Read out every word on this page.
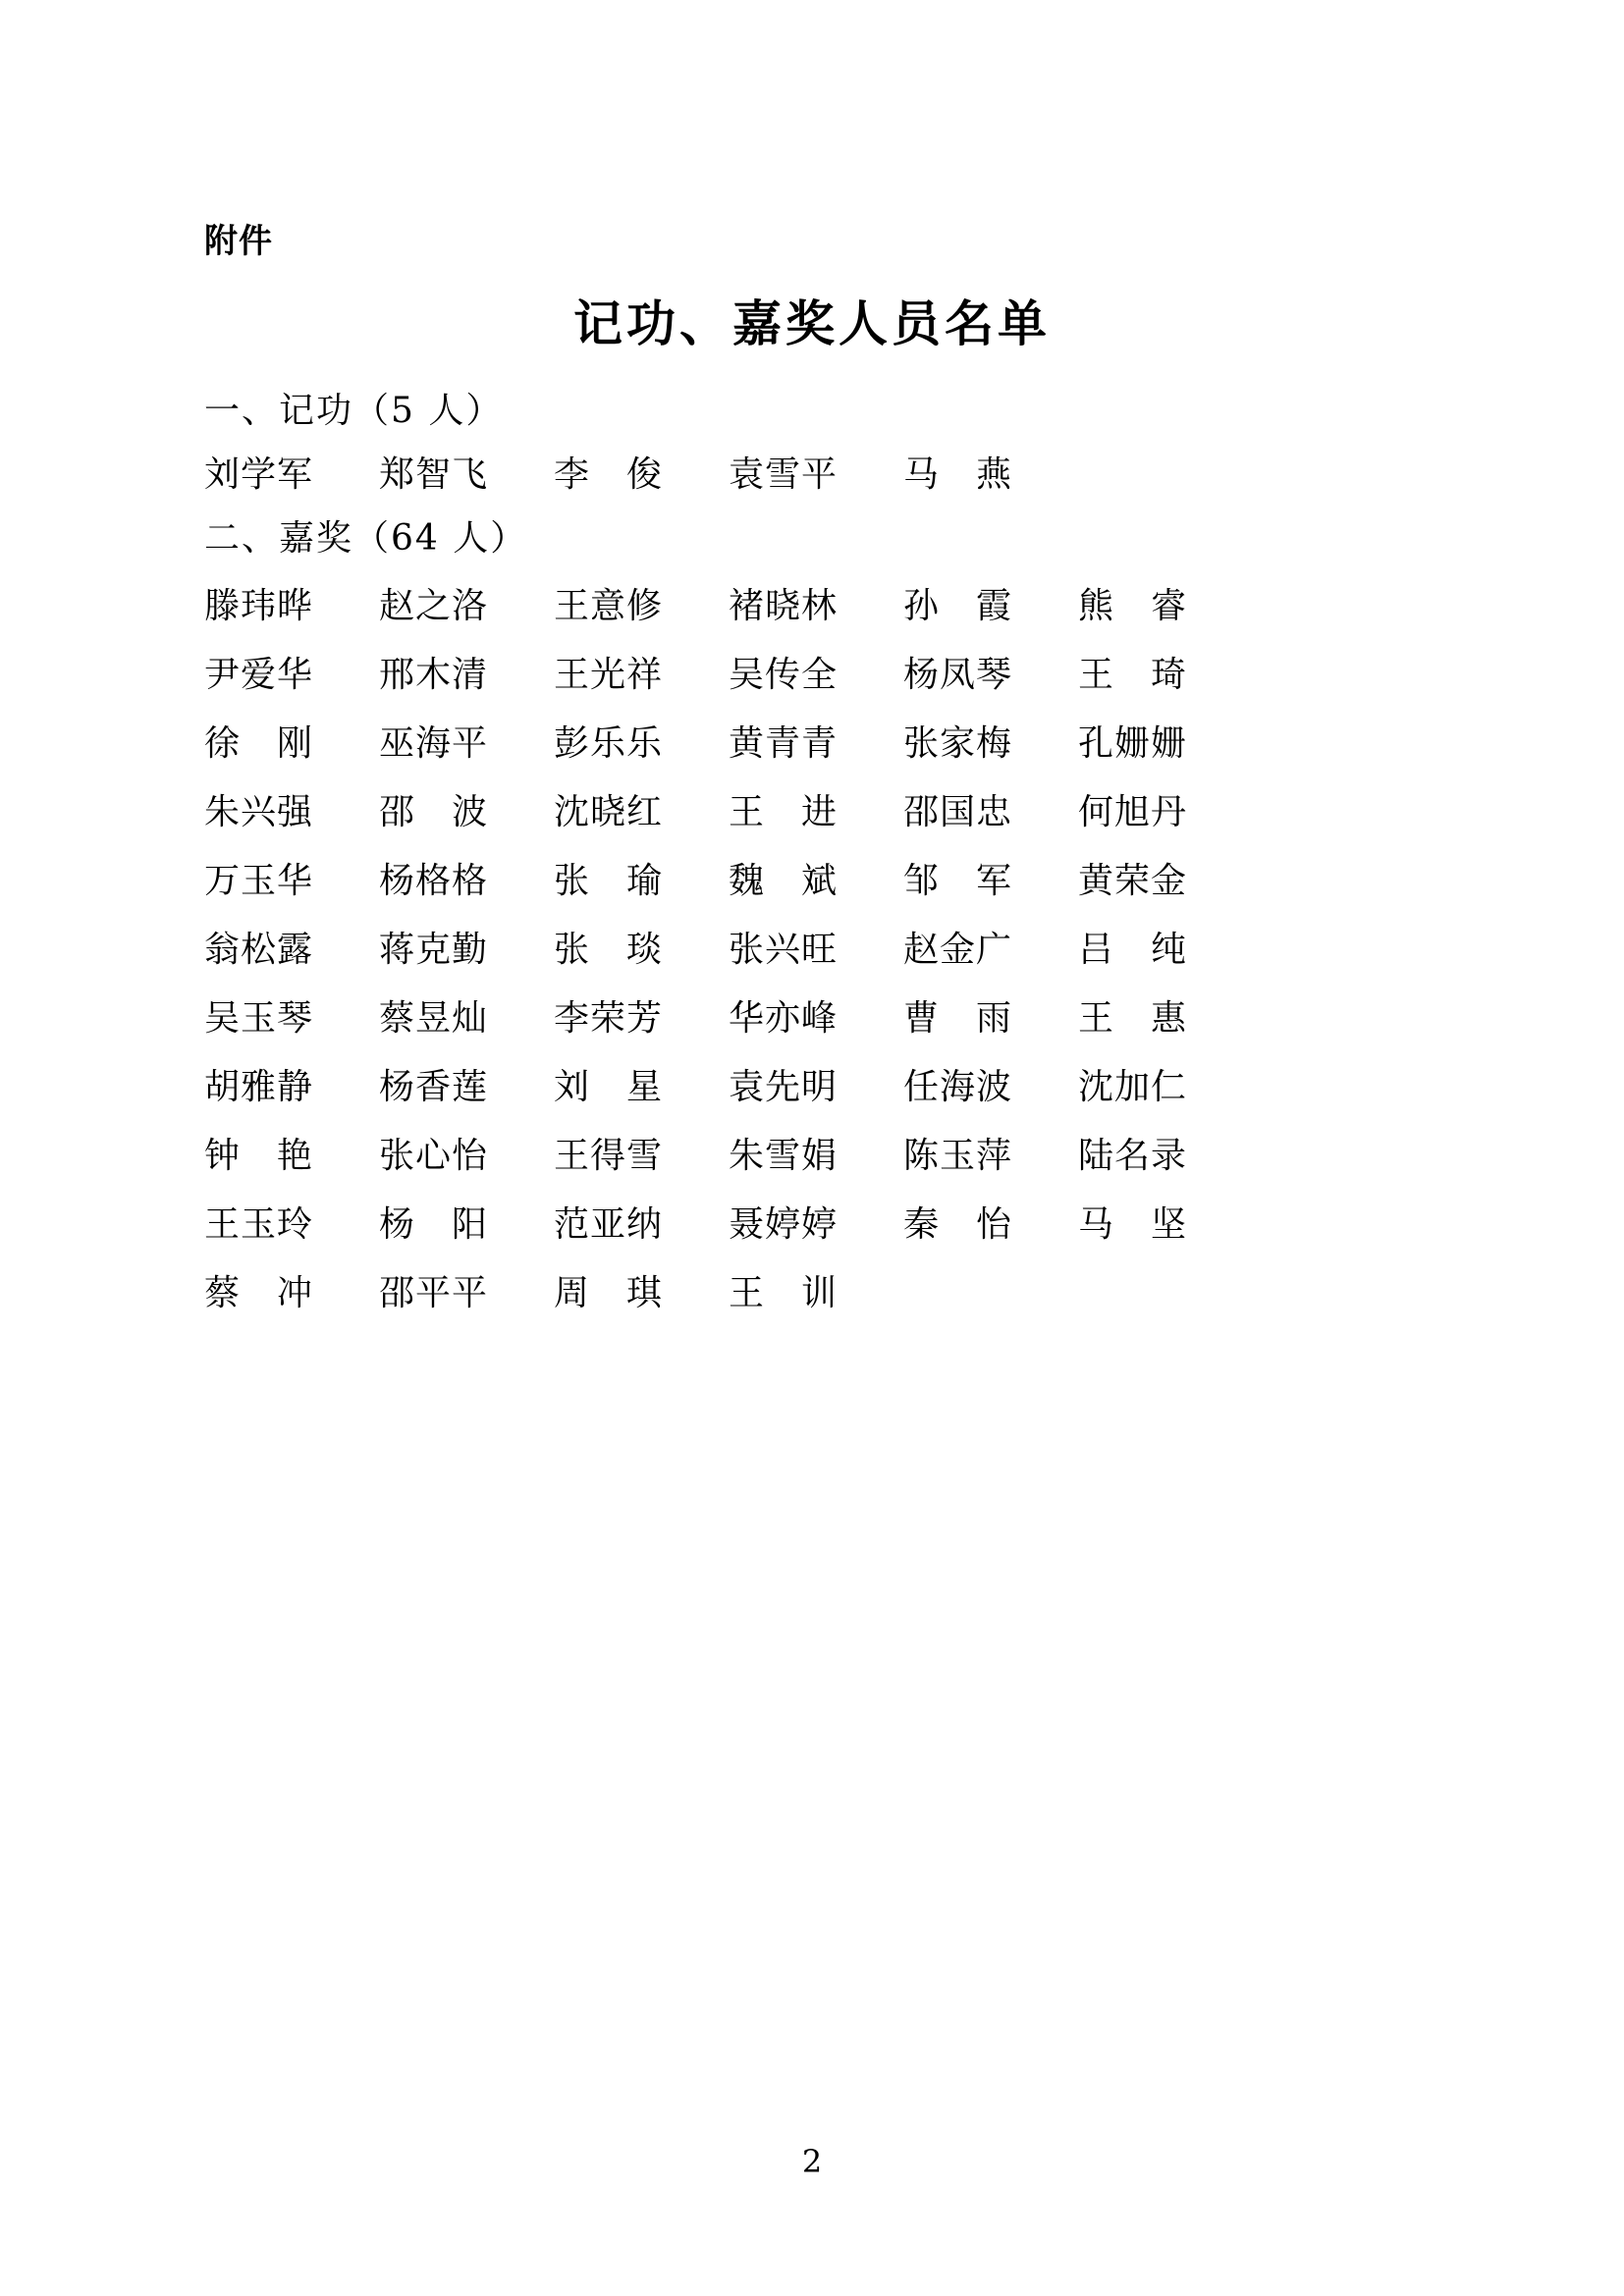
附件
记功、嘉奖人员名单
一、记功（5 人）
刘学军	郑智飞	李　俊	袁雪平	马　燕
二、嘉奖（64 人）
滕玮晔	赵之洛	王意修	褚晓林	孙　霞	熊　睿
尹爱华	邢木清	王光祥	吴传全	杨凤琴	王　琦
徐　刚	巫海平	彭乐乐	黄青青	张家梅	孔姗姗
朱兴强	邵　波	沈晓红	王　进	邵国忠	何旭丹
万玉华	杨格格	张　瑜	魏　斌	邹　军	黄荣金
翁松露	蒋克勤	张　琰	张兴旺	赵金广	吕　纯
吴玉琴	蔡昱灿	李荣芳	华亦峰	曹　雨	王　惠
胡雅静	杨香莲	刘　星	袁先明	任海波	沈加仁
钟　艳	张心怡	王得雪	朱雪娟	陈玉萍	陆名录
王玉玲	杨　阳	范亚纳	聂婷婷	秦　怡	马　坚
蔡　冲	邵平平	周　琪	王　训
2
